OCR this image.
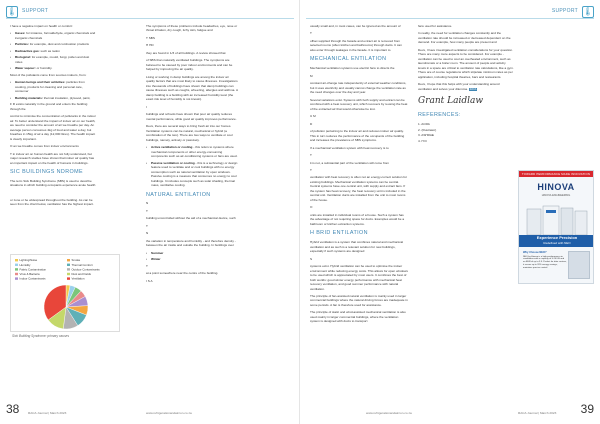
🌡 SUPPORT

I have a negative impact on health or comfort:

• Gases: for instance, formaldehyde, organic chemicals and inorganic chemicals

• Particles: for example, dust and combustion products

• Radioactive gas: such as radon

• Biological: for example, mould, fungi, pollen and dust mites

• Water vapour: or humidity.

Most of the pollutants come from sources indoors, from:

• Human beings and their activities: particles from cooking, products for cleaning and personal care, consumer

• Building materials: thermal insulation, plywood, paint,

F R exists naturally in the ground and enters the building through the

control to minimise the concentration of pollutants in the indoor air. To better understand the impact of indoor air on our health, we need to consider the amount of air we breathe per day. An average person consumes 4kg of food and water a day, but breathes in 15kg of air a day (12,000 litres). The health impact is clearly important.

O an we breathe comes from indoor environments

T in indoor air on human health are not fully understood, but major research studies have shown that indoor air quality has an important impact on the health of humans in buildings.

SIC BUILDINGS NDROME

The term Sick Building Syndrome (SBS) is used to describe situations in which building occupants experience acute health

or zone or be widespread throughout the building. As can be seen from the chart below, ventilation has the highest impact.

Lighting/Noise
Humidity
Fabric Contamination
Virus & Bacteria
Indoor Contaminants
Smoke
Thermal Comfort
Outdoor Contaminants
Dust and Fields
Ventilation
Sick Building Syndrome: primary causes

The symptoms of these problems include headaches, eye, nose or throat irritation, dry cough, itchy skin, fatigue and

T SBS

H HD

they are found in 1/3 of all buildings. A review showed that

of SBS than naturally ventilated buildings. The symptoms are believed to be caused by poor indoor environments and can be helped by improving the air quality.

Living or working in damp buildings are among the indoor air quality factors that are most likely to cause illnesses. Investigations into thousands of buildings have shown that damp buildings can cause illnesses such as coughs, wheezing, allergies and asthma. A damp building is a building with an increased humidity level (the exact risk level of humidity is not known).

I

buildings and schools have shown that poor air quality reduces mental performance, while good air quality improves performance.

Devs, there are several ways to bring fresh air into our homes. Ventilation systems can be natural, mechanical or hybrid (a combination of the two). There are two ways to ventilate or cool buildings, namely, actively or passively.

• Active ventilation or cooling - this refers to systems where mechanical components or other energy-consuming components such as air-conditioning systems or fans are used.

• Passive ventilation or cooling - this is a technology or design feature used to ventilate and or cool buildings with no energy consumption such as natural ventilation by open windows. Passive cooling is a measure that consumes no energy to cool buildings. It includes concepts such as solar shading, thermal mass, ventilative cooling.

NATURAL ENTILATION

N

T

building uncontrolled without the aid of a mechanical device, such

T

N

the variation in temperature and humidity - and therefore density - between the air inside and outside the building. In buildings over

• Summer

• Winter

T

at a point somewhere near the centre of the building.

I S A

38	RACA Journal | March 2023	www.refrigerationandaircon.co.za
SUPPORT 🌡

usually small and, in most cases, can be ignored as the amount of

T

offset supplied through the facade and extract air is removed from selected rooms (often kitchen and bathrooms) through ducts. It can also enter through leakages in the facade. It is important to

MECHANICAL ENTILATION

Mechanical ventilation systems use electric fans to directs the

M

constant air-change rate independently of external weather conditions, but it uses electricity and usually cannot change the ventilation rate as the need changes over the day and year.

Several variations exist. Systems with both supply and extract can be combined with a heat recovery unit, which recovers by reusing the heat of the extracted air that would otherwise be lost.

U M

D

of pollution pertaining to the indoor air and reduces indoor air quality. This in turn reduces the performance of the occupants of the building and increases the prevalence of SBS symptoms.

If a mechanical ventilation system with heat recovery is to

T

it is not, a substantial part of the ventilation will come from

T

ventilation with heat recovery is often not an energy-correct solution for existing buildings. Mechanical ventilation systems can be central. Central systems have one central unit, with supply and extract fans. If the system has heat recovery, the heat recovery unit is included in the central unit. Ventilation ducts are installed from the unit to most rooms of the house.

O

units are installed in individual rooms of a house. Such a system has the advantage of not requiring space for ducts. Examples would be a bathroom or kitchen extraction systems.

H BRID ENTILATION

Hybrid ventilation is a system that combines natural and mechanical ventilation and as such is a relevant solution for new buildings, especially if such systems are designed

S

systems exist. Hybrid ventilation can be used to optimise the indoor environment while reducing energy costs. This allows for open windows to be used which is appreciated by most users. It combines the best of both worlds: good winter energy performance with mechanical heat recovery ventilation, and good summer performance with natural ventilation.

The principle of fan-assisted natural ventilation is mainly used in larger commercial buildings where the natural driving forces are inadequate in some periods. A fan is therefore used for assistance.

The principle of static and wind-assisted mechanical ventilation is also used mainly in larger commercial buildings, where the ventilation system is designed with ducts to transport

fans used for assistance.

In reality, the need for ventilation changes constantly and the ventilation rate should be increased or decreased dependent on the demand. For example, how many people are present and

Devs, I have investigated ventilation considerations for your question. There are many more aspects to be considered. For example - ventilation can be used to cool an overheated environment, such as laundromats or a boiler room. The amount of people and activity levels in a space are critical to ventilation rate calculations, like a gym. There are of course regulations which stipulate minimum rates as per application, including hospital theatres, bars and restaurants.

Devs, I hope that this helps with your understanding around ventilation and solves your dilemma. RACA

Grant Laidlaw
REFERENCES:

1. ACRA

2. (Illustrator)

3. ASHRAE

4. H D

TOWARD PERFORMANCE MADE INNOVATION
HINOVA
HINOVA ENGINEERING
Experience Precision
Redefined with NEO
Why Choose NEO?
NEO by Hinova is a high-performance air conditioner with a capacity of 5-20 kW and an EER of up to 3.5. Perfect for data centres, it serves up to 20% energy savings, maintains precise control.
www.refrigerationandaircon.co.za	RACA Journal | March 2023 39
